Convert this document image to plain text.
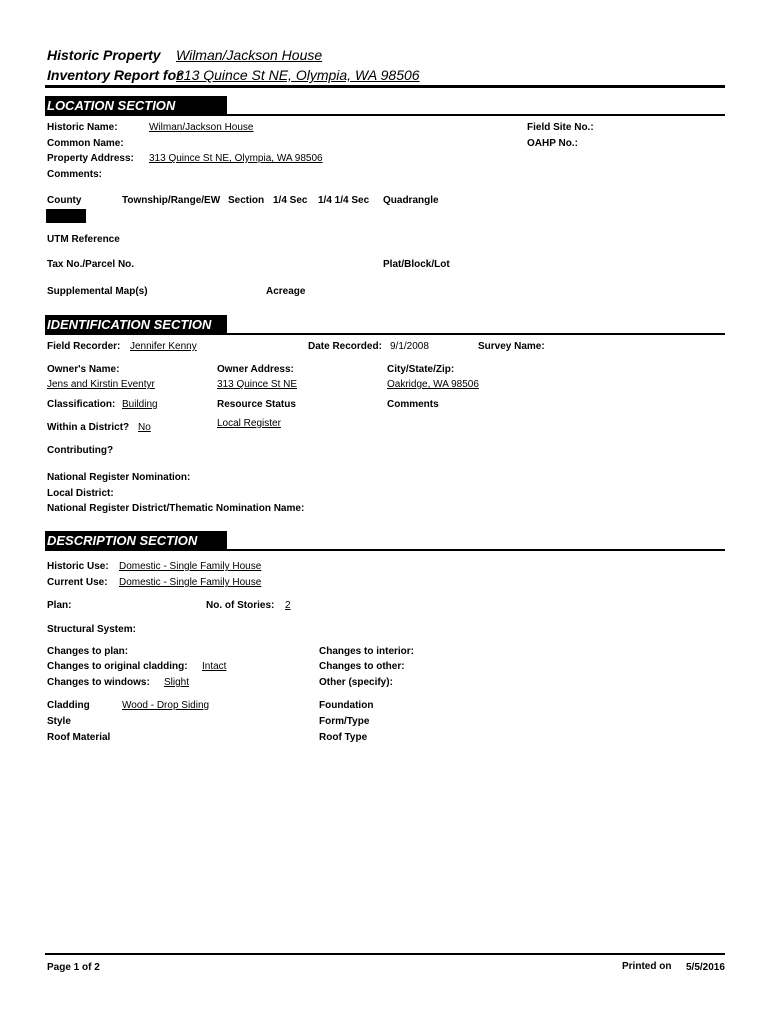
Historic Property Wilman/Jackson House
Inventory Report for
313 Quince St NE, Olympia, WA 98506
LOCATION SECTION
Historic Name:	Wilman/Jackson House
Common Name:
Property Address: 313 Quince St NE, Olympia, WA 98506
Comments:
Field Site No.:
OAHP No.:
County	Township/Range/EW Section 1/4 Sec 1/4 1/4 Sec Quadrangle
UTM Reference
Tax No./Parcel No.	Plat/Block/Lot
Supplemental Map(s)	Acreage
IDENTIFICATION SECTION
Field Recorder: Jennifer Kenny	Date Recorded: 9/1/2008	Survey Name:
Owner's Name:
Jens and Kirstin Eventyr
Owner Address:
313 Quince St NE
City/State/Zip:
Oakridge, WA 98506
Classification: Building	Resource Status
Local Register
Comments
Within a District? No
Contributing?
National Register Nomination:
Local District:
National Register District/Thematic Nomination Name:
DESCRIPTION SECTION
Historic Use: Domestic - Single Family House
Current Use: Domestic - Single Family House
Plan:	No. of Stories: 2
Structural System:
Changes to plan:
Changes to original cladding: Intact
Changes to windows: Slight
Changes to interior:
Changes to other:
Other (specify):
Cladding	Wood - Drop Siding
Style
Roof Material
Foundation
Form/Type
Roof Type
Page 1 of 2	Printed on 5/5/2016
